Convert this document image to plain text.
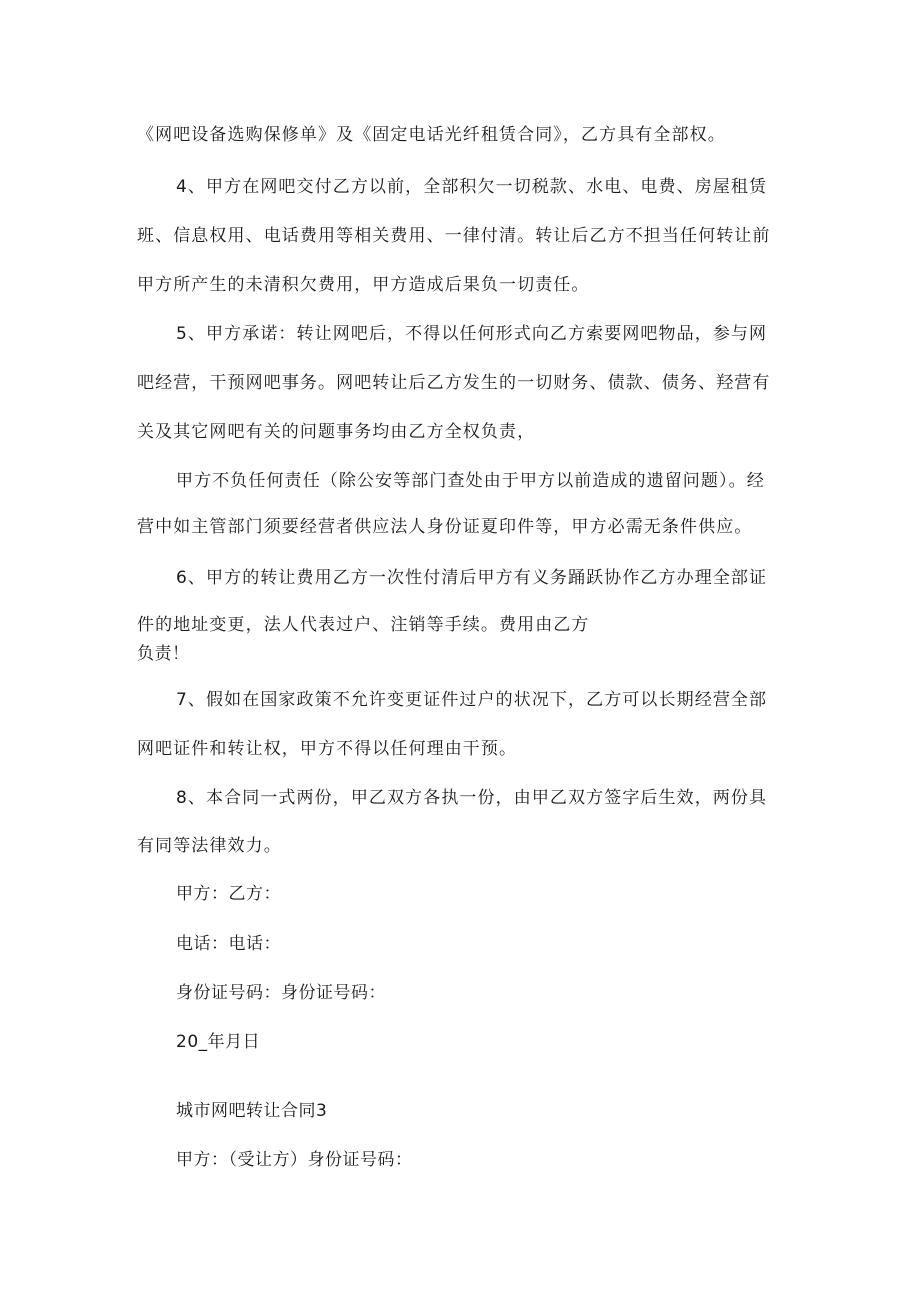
《网吧设备选购保修单》及《固定电话光纤租赁合同》，乙方具有全部权。
4、甲方在网吧交付乙方以前，全部积欠一切税款、水电、电费、房屋租赁
班、信息权用、电话费用等相关费用、一律付清。转让后乙方不担当任何转让前
甲方所产生的未清积欠费用，甲方造成后果负一切责任。
5、甲方承诺：转让网吧后，不得以任何形式向乙方索要网吧物品，参与网
吧经营，干预网吧事务。网吧转让后乙方发生的一切财务、债款、债务、羟营有
关及其它网吧有关的问题事务均由乙方全权负责，
甲方不负任何责任（除公安等部门查处由于甲方以前造成的遗留问题）。经
营中如主管部门须要经营者供应法人身份证夏印件等，甲方必需无条件供应。
6、甲方的转让费用乙方一次性付清后甲方有义务踊跃协作乙方办理全部证
件的地址变更，法人代表过户、注销等手续。费用由乙方
负责！
7、假如在国家政策不允许变更证件过户的状况下，乙方可以长期经营全部
网吧证件和转让权，甲方不得以任何理由干预。
8、本合同一式两份，甲乙双方各执一份，由甲乙双方签字后生效，两份具
有同等法律效力。
甲方：乙方：
电话：电话：
身份证号码：身份证号码：
20_年月日
城市网吧转让合同3
甲方：（受让方）身份证号码：
